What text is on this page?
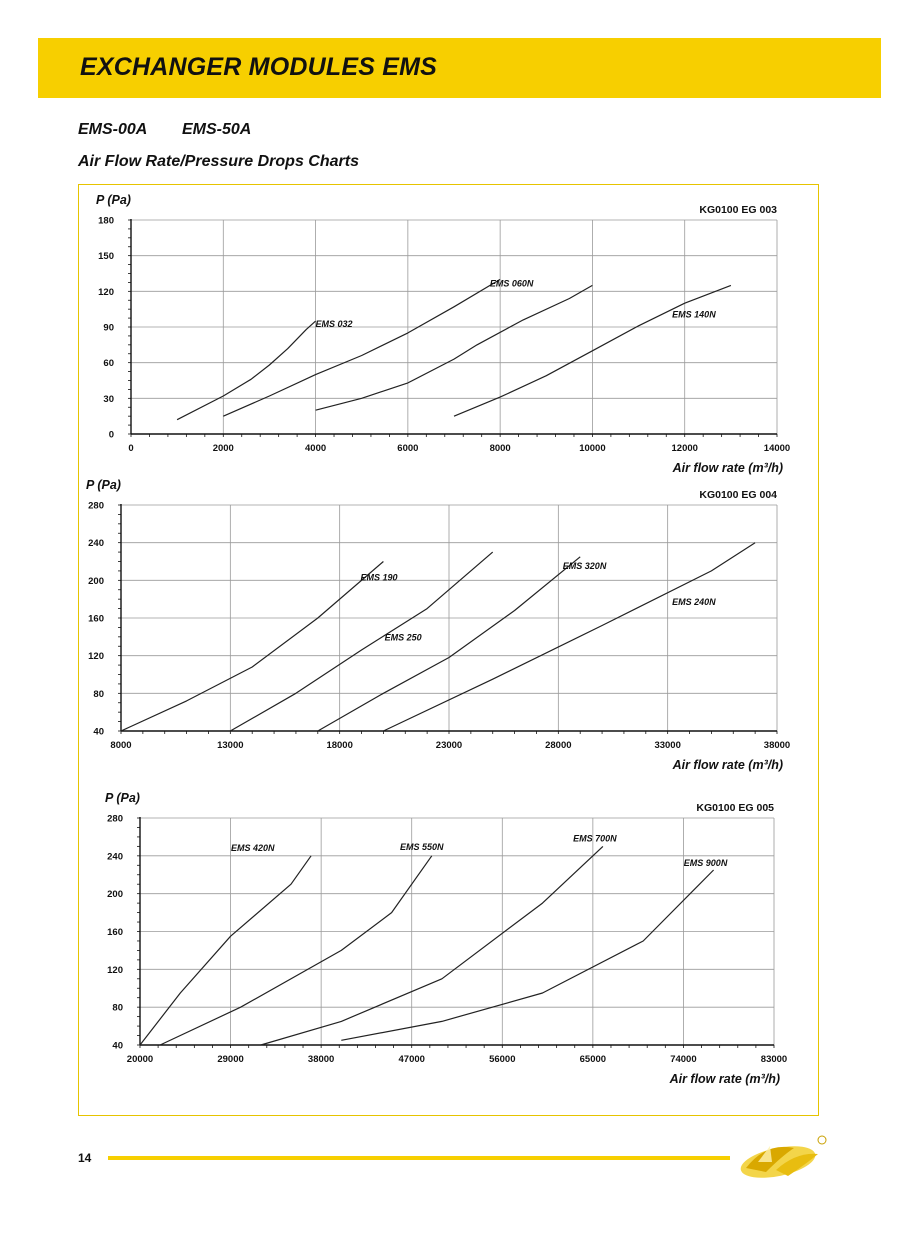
EXCHANGER MODULES EMS
EMS-00A EMS-50A
Air Flow Rate/Pressure Drops Charts
0	2000	4000	6000	8000	10000	12000	14000
0
30
60
90
120
150
180
P (Pa)
KG0100 EG 003
Air flow rate (m³/h)
EMS 032
EMS 060N
EMS 140N
8000	13000	18000	23000	28000	33000	38000
40
80
120
160
200
240
280
P (Pa)
KG0100 EG 004
Air flow rate (m³/h)
EMS 190
EMS 250
EMS 320N
EMS 240N
20000	29000	38000	47000	56000	65000	74000	83000
40
80
120
160
200
240
280
P (Pa)
KG0100 EG 005
Air flow rate (m³/h)
EMS 420N	EMS 550N
EMS 700N
EMS 900N
14
